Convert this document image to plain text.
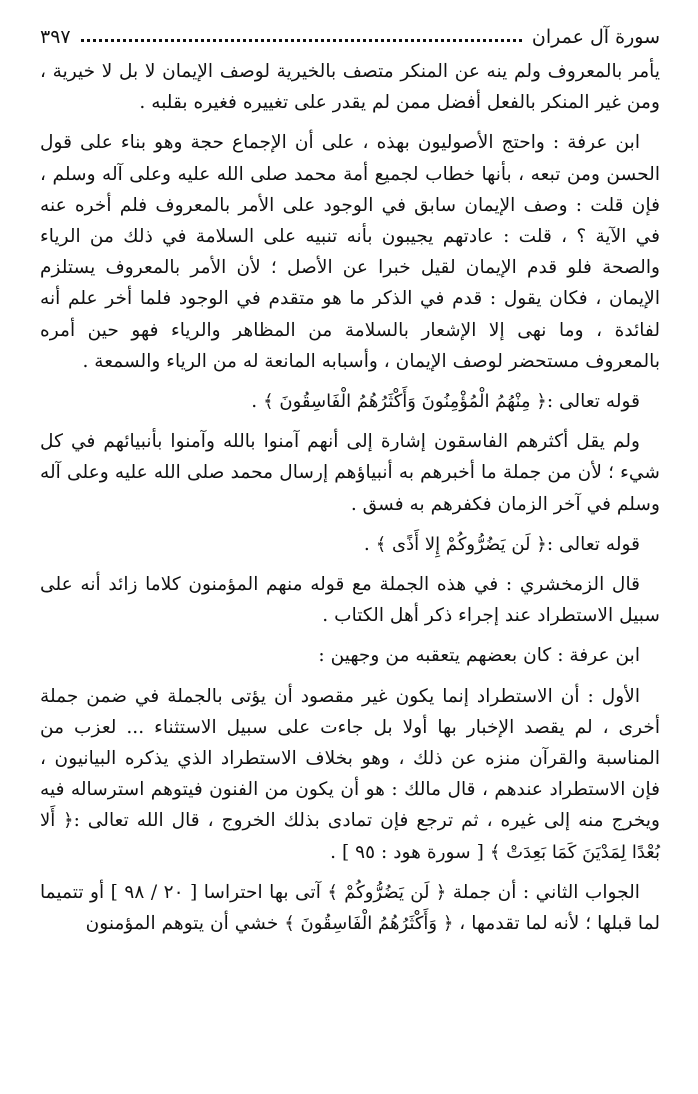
سورة آل عمران
٣٩٧

يأمر بالمعروف ولم ينه عن المنكر متصف بالخيرية لوصف الإيمان لا بل لا خيرية ، ومن غير المنكر بالفعل أفضل ممن لم يقدر على تغييره فغيره بقلبه .

ابن عرفة : واحتج الأصوليون بهذه ، على أن الإجماع حجة وهو بناء على قول الحسن ومن تبعه ، بأنها خطاب لجميع أمة محمد صلى الله عليه وعلى آله وسلم ، فإن قلت : وصف الإيمان سابق في الوجود على الأمر بالمعروف فلم أخره عنه في الآية ؟ ، قلت : عادتهم يجيبون بأنه تنبيه على السلامة في ذلك من الرياء والصحة فلو قدم الإيمان لقيل خبرا عن الأصل ؛ لأن الأمر بالمعروف يستلزم الإيمان ، فكان يقول : قدم في الذكر ما هو متقدم في الوجود فلما أخر علم أنه لفائدة ، وما نهى إلا الإشعار بالسلامة من المظاهر والرياء فهو حين أمره بالمعروف مستحضر لوصف الإيمان ، وأسبابه المانعة له من الرياء والسمعة .

قوله تعالى :﴿ مِنْهُمُ الْمُؤْمِنُونَ وَأَكْثَرُهُمُ الْفَاسِقُونَ ﴾ .

ولم يقل أكثرهم الفاسقون إشارة إلى أنهم آمنوا بالله وآمنوا بأنبيائهم في كل شيء ؛ لأن من جملة ما أخبرهم به أنبياؤهم إرسال محمد صلى الله عليه وعلى آله وسلم في آخر الزمان فكفرهم به فسق .

قوله تعالى :﴿ لَن يَضُرُّوكُمْ إِلا أَذًى ﴾ .

قال الزمخشري : في هذه الجملة مع قوله منهم المؤمنون كلاما زائد أنه على سبيل الاستطراد عند إجراء ذكر أهل الكتاب .

ابن عرفة : كان بعضهم يتعقبه من وجهين :

الأول : أن الاستطراد إنما يكون غير مقصود أن يؤتى بالجملة في ضمن جملة أخرى ، لم يقصد الإخبار بها أولا بل جاءت على سبيل الاستثناء ... لعزب من المناسبة والقرآن منزه عن ذلك ، وهو بخلاف الاستطراد الذي يذكره البيانيون ، فإن الاستطراد عندهم ، قال مالك : هو أن يكون من الفنون فيتوهم استرساله فيه ويخرج منه إلى غيره ، ثم ترجع فإن تمادى بذلك الخروج ، قال الله تعالى :﴿ أَلا بُعْدًا لِمَدْيَنَ كَمَا بَعِدَتْ ﴾ [ سورة هود : ٩٥ ] .

الجواب الثاني : أن جملة ﴿ لَن يَضُرُّوكُمْ ﴾ آتى بها احتراسا [ ٢٠ / ٩٨ ] أو تتميما لما قبلها ؛ لأنه لما تقدمها ، ﴿ وَأَكْثَرُهُمُ الْفَاسِقُونَ ﴾ خشي أن يتوهم المؤمنون
